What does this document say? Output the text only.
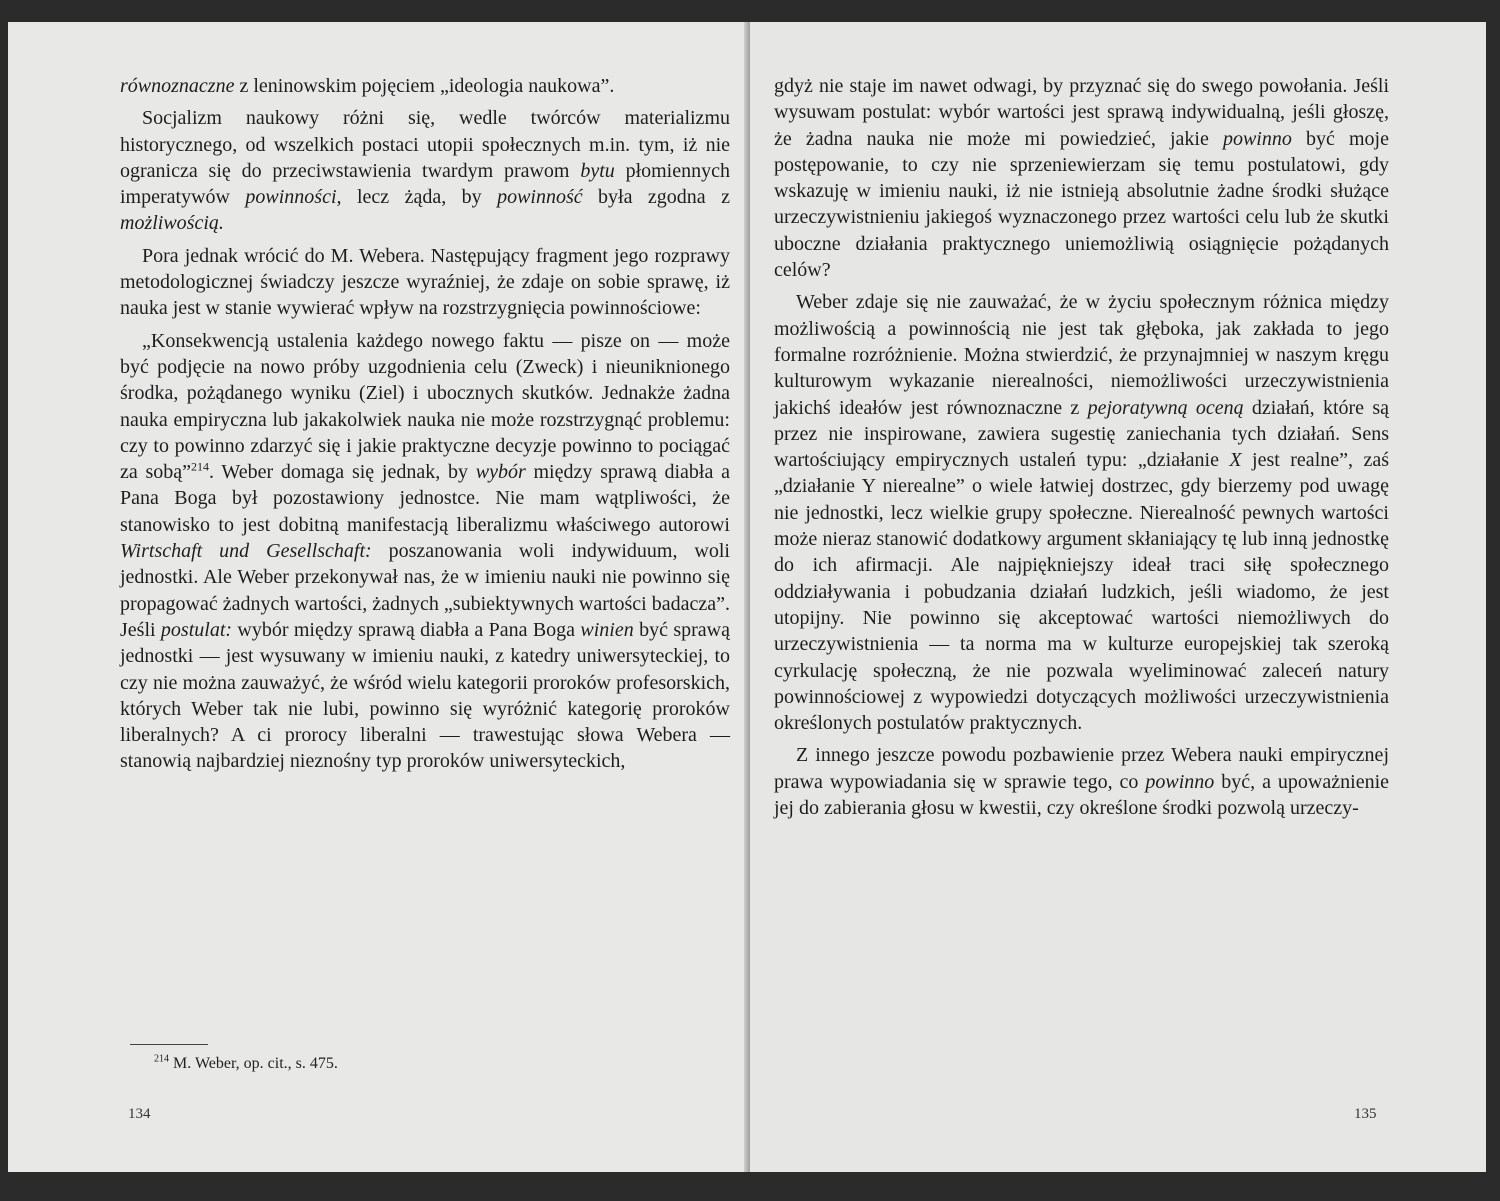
równoznaczne z leninowskim pojęciem „ideologia naukowa”.

Socjalizm naukowy różni się, wedle twórców materializmu historycznego, od wszelkich postaci utopii społecznych m.in. tym, iż nie ogranicza się do przeciwstawienia twardym prawom bytu płomiennych imperatywów powinności, lecz żąda, by powinność była zgodna z możliwością.

Pora jednak wrócić do M. Webera. Następujący fragment jego rozprawy metodologicznej świadczy jeszcze wyraźniej, że zdaje on sobie sprawę, iż nauka jest w stanie wywierać wpływ na rozstrzygnięcia powinnościowe:

„Konsekwencją ustalenia każdego nowego faktu — pisze on — może być podjęcie na nowo próby uzgodnienia celu (Zweck) i nieuniknionego środka, pożądanego wyniku (Ziel) i ubocznych skutków. Jednakże żadna nauka empiryczna lub jakakolwiek nauka nie może rozstrzygnąć problemu: czy to powinno zdarzyć się i jakie praktyczne decyzje powinno to pociągać za sobą”$^{214}$. Weber domaga się jednak, by wybór między sprawą diabła a Pana Boga był pozostawiony jednostce. Nie mam wątpliwości, że stanowisko to jest dobitną manifestacją liberalizmu właściwego autorowi Wirtschaft und Gesellschaft: poszanowania woli indywiduum, woli jednostki. Ale Weber przekonywał nas, że w imieniu nauki nie powinno się propagować żadnych wartości, żadnych „subiektywnych wartości badacza”. Jeśli postulat: wybór między sprawą diabła a Pana Boga winien być sprawą jednostki — jest wysuwany w imieniu nauki, z katedry uniwersyteckiej, to czy nie można zauważyć, że wśród wielu kategorii proroków profesorskich, których Weber tak nie lubi, powinno się wyróżnić kategorię proroków liberalnych? A ci prorocy liberalni — trawestując słowa Webera — stanowią najbardziej nieznośny typ proroków uniwersyteckich,

$^{214}$ M. Weber, op. cit., s. 475.
134

gdyż nie staje im nawet odwagi, by przyznać się do swego powołania. Jeśli wysuwam postulat: wybór wartości jest sprawą indywidualną, jeśli głoszę, że żadna nauka nie może mi powiedzieć, jakie powinno być moje postępowanie, to czy nie sprzeniewierzam się temu postulatowi, gdy wskazuję w imieniu nauki, iż nie istnieją absolutnie żadne środki służące urzeczywistnieniu jakiegoś wyznaczonego przez wartości celu lub że skutki uboczne działania praktycznego uniemożliwią osiągnięcie pożądanych celów?

Weber zdaje się nie zauważać, że w życiu społecznym różnica między możliwością a powinnością nie jest tak głęboka, jak zakłada to jego formalne rozróżnienie. Można stwierdzić, że przynajmniej w naszym kręgu kulturowym wykazanie nierealności, niemożliwości urzeczywistnienia jakichś ideałów jest równoznaczne z pejoratywną oceną działań, które są przez nie inspirowane, zawiera sugestię zaniechania tych działań. Sens wartościujący empirycznych ustaleń typu: „działanie X jest realne”, zaś „działanie Y nierealne” o wiele łatwiej dostrzec, gdy bierzemy pod uwagę nie jednostki, lecz wielkie grupy społeczne. Nierealność pewnych wartości może nieraz stanowić dodatkowy argument skłaniający tę lub inną jednostkę do ich afirmacji. Ale najpiękniejszy ideał traci siłę społecznego oddziaływania i pobudzania działań ludzkich, jeśli wiadomo, że jest utopijny. Nie powinno się akceptować wartości niemożliwych do urzeczywistnienia — ta norma ma w kulturze europejskiej tak szeroką cyrkulację społeczną, że nie pozwala wyeliminować zaleceń natury powinnościowej z wypowiedzi dotyczących możliwości urzeczywistnienia określonych postulatów praktycznych.

Z innego jeszcze powodu pozbawienie przez Webera nauki empirycznej prawa wypowiadania się w sprawie tego, co powinno być, a upoważnienie jej do zabierania głosu w kwestii, czy określone środki pozwolą urzeczy-

135
